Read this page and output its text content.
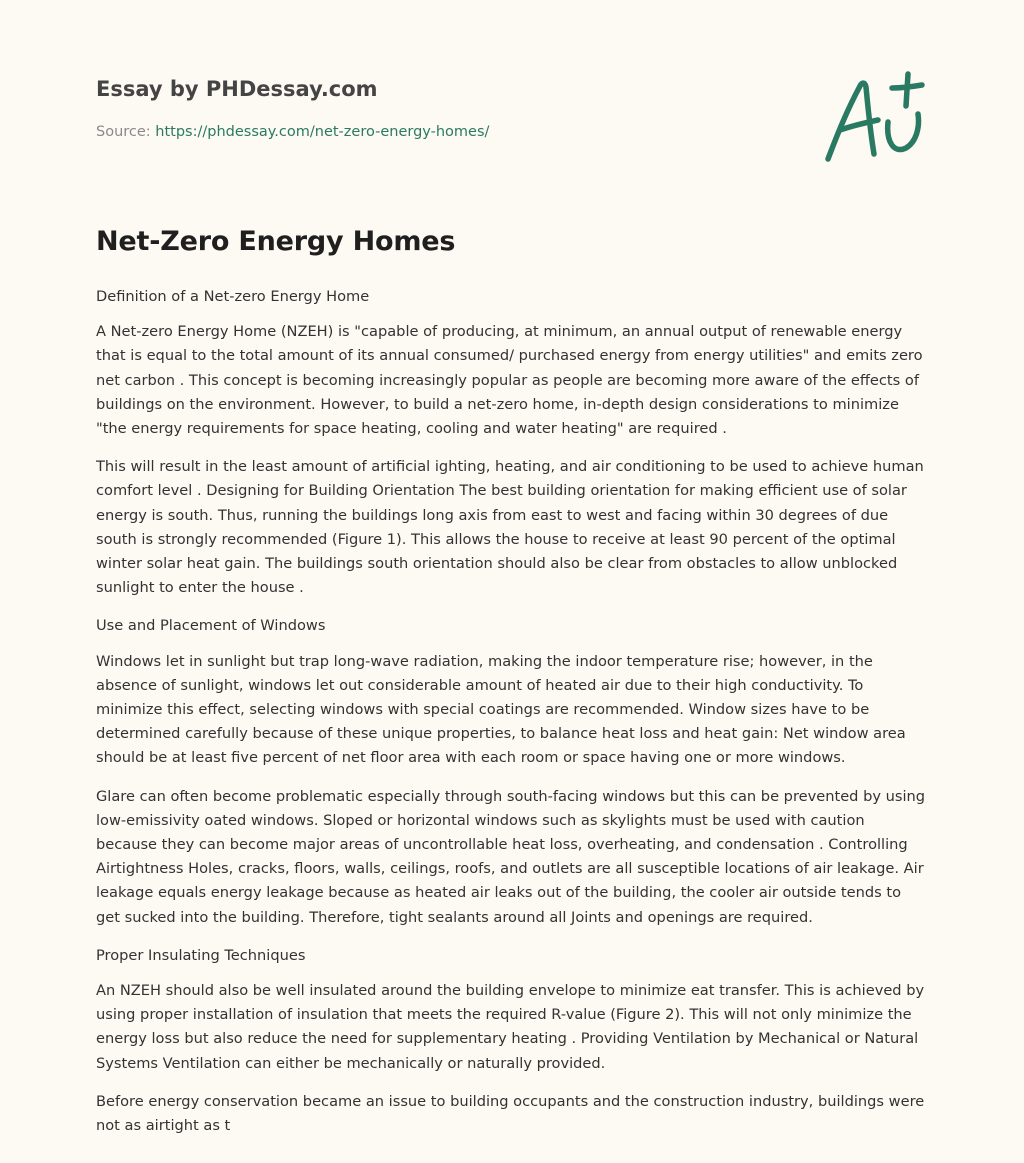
Essay by PHDessay.com
Source: https://phdessay.com/net-zero-energy-homes/
Net-Zero Energy Homes

Definition of a Net-zero Energy Home

A Net-zero Energy Home (NZEH) is "capable of producing, at minimum, an annual output of renewable energy that is equal to the total amount of its annual consumed/ purchased energy from energy utilities" and emits zero net carbon . This concept is becoming increasingly popular as people are becoming more aware of the effects of buildings on the environment. However, to build a net-zero home, in-depth design considerations to minimize "the energy requirements for space heating, cooling and water heating" are required .

This will result in the least amount of artificial ighting, heating, and air conditioning to be used to achieve human comfort level . Designing for Building Orientation The best building orientation for making efficient use of solar energy is south. Thus, running the buildings long axis from east to west and facing within 30 degrees of due south is strongly recommended (Figure 1). This allows the house to receive at least 90 percent of the optimal winter solar heat gain. The buildings south orientation should also be clear from obstacles to allow unblocked sunlight to enter the house .

Use and Placement of Windows

Windows let in sunlight but trap long-wave radiation, making the indoor temperature rise; however, in the absence of sunlight, windows let out considerable amount of heated air due to their high conductivity. To minimize this effect, selecting windows with special coatings are recommended. Window sizes have to be determined carefully because of these unique properties, to balance heat loss and heat gain: Net window area should be at least five percent of net floor area with each room or space having one or more windows.

Glare can often become problematic especially through south-facing windows but this can be prevented by using low-emissivity oated windows. Sloped or horizontal windows such as skylights must be used with caution because they can become major areas of uncontrollable heat loss, overheating, and condensation . Controlling Airtightness Holes, cracks, floors, walls, ceilings, roofs, and outlets are all susceptible locations of air leakage. Air leakage equals energy leakage because as heated air leaks out of the building, the cooler air outside tends to get sucked into the building. Therefore, tight sealants around all Joints and openings are required.

Proper Insulating Techniques

An NZEH should also be well insulated around the building envelope to minimize eat transfer. This is achieved by using proper installation of insulation that meets the required R-value (Figure 2). This will not only minimize the energy loss but also reduce the need for supplementary heating . Providing Ventilation by Mechanical or Natural Systems Ventilation can either be mechanically or naturally provided.

Before energy conservation became an issue to building occupants and the construction industry, buildings were not as airtight as t
